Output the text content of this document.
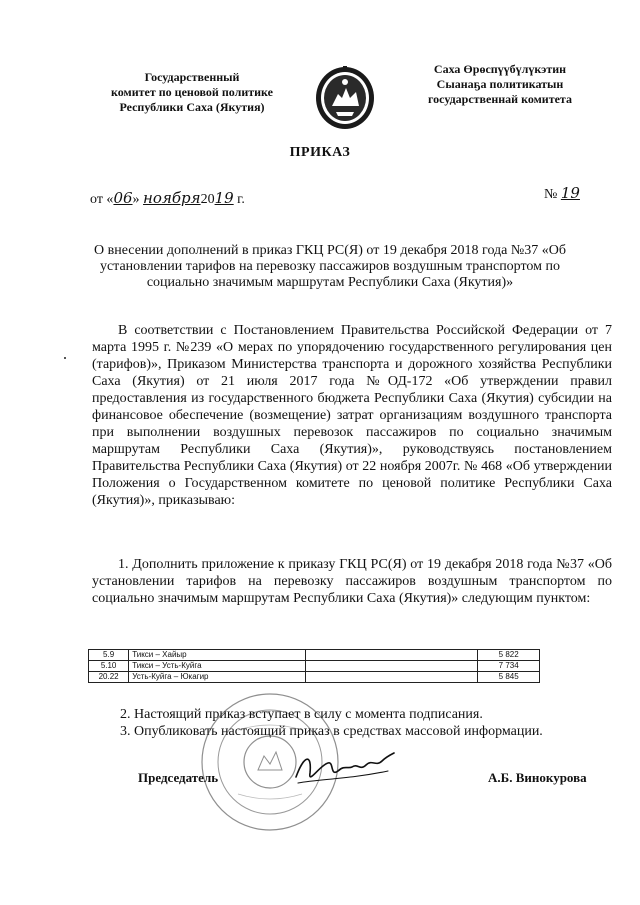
Государственный
комитет по ценовой политике
Республики Саха (Якутия)
Саха Өрөспүүбүлүкэтин
Сыанаҕа политикатын
государственнай комитета
ПРИКАЗ
от «06» ноября2019 г.	№ 19
О внесении дополнений в приказ ГКЦ РС(Я) от 19 декабря 2018 года №37 «Об установлении тарифов на перевозку пассажиров воздушным транспортом по социально значимым маршрутам Республики Саха (Якутия)»
В соответствии с Постановлением Правительства Российской Федерации от 7 марта 1995 г. №239 «О мерах по упорядочению государственного регулирования цен (тарифов)», Приказом Министерства транспорта и дорожного хозяйства Республики Саха (Якутия) от 21 июля 2017 года №ОД-172 «Об утверждении правил предоставления из государственного бюджета Республики Саха (Якутия) субсидии на финансовое обеспечение (возмещение) затрат организациям воздушного транспорта при выполнении воздушных перевозок пассажиров по социально значимым маршрутам Республики Саха (Якутия)», руководствуясь постановлением Правительства Республики Саха (Якутия) от 22 ноября 2007г. № 468 «Об утверждении Положения о Государственном комитете по ценовой политике Республики Саха (Якутия)», приказываю:
1. Дополнить приложение к приказу ГКЦ РС(Я) от 19 декабря 2018 года №37 «Об установлении тарифов на перевозку пассажиров воздушным транспортом по социально значимым маршрутам Республики Саха (Якутия)» следующим пунктом:
5.9	Тикси – Хайыр		5 822
5.10	Тикси – Усть-Куйга		7 734
20.22	Усть-Куйга – Юкагир		5 845
2. Настоящий приказ вступает в силу с момента подписания.
3. Опубликовать настоящий приказ в средствах массовой информации.
Председатель	А.Б. Винокурова
